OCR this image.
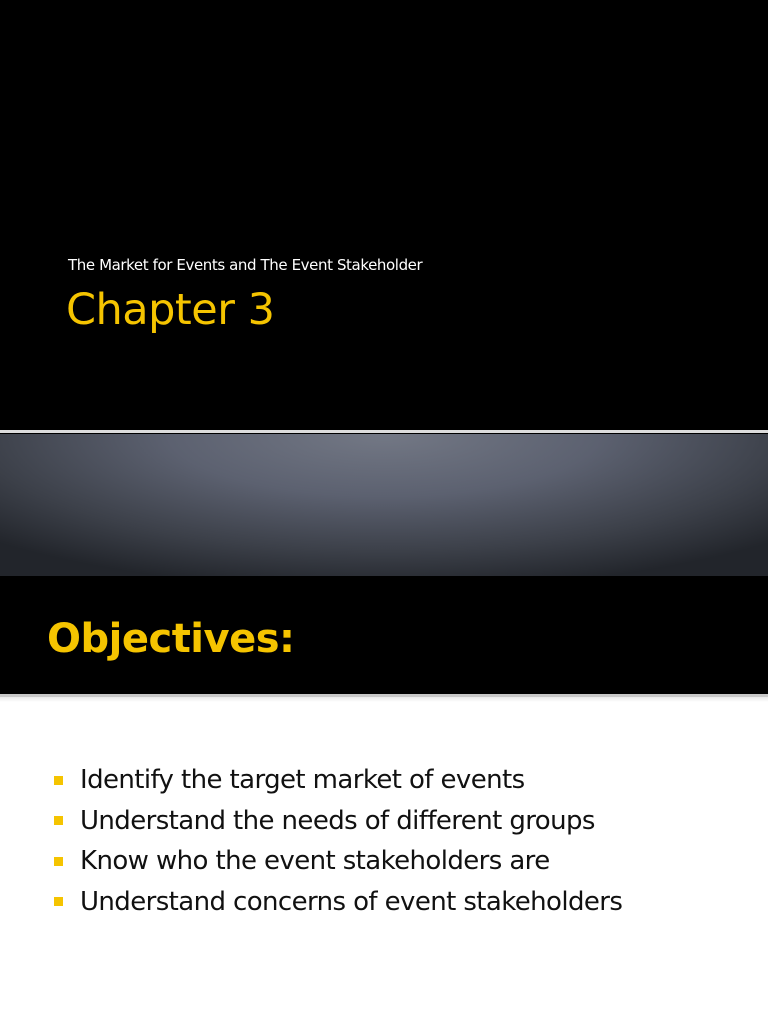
The Market for Events and The Event Stakeholder
Chapter 3
Objectives:
Identify the target market of events
Understand the needs of different groups
Know who the event stakeholders are
Understand concerns of event stakeholders
